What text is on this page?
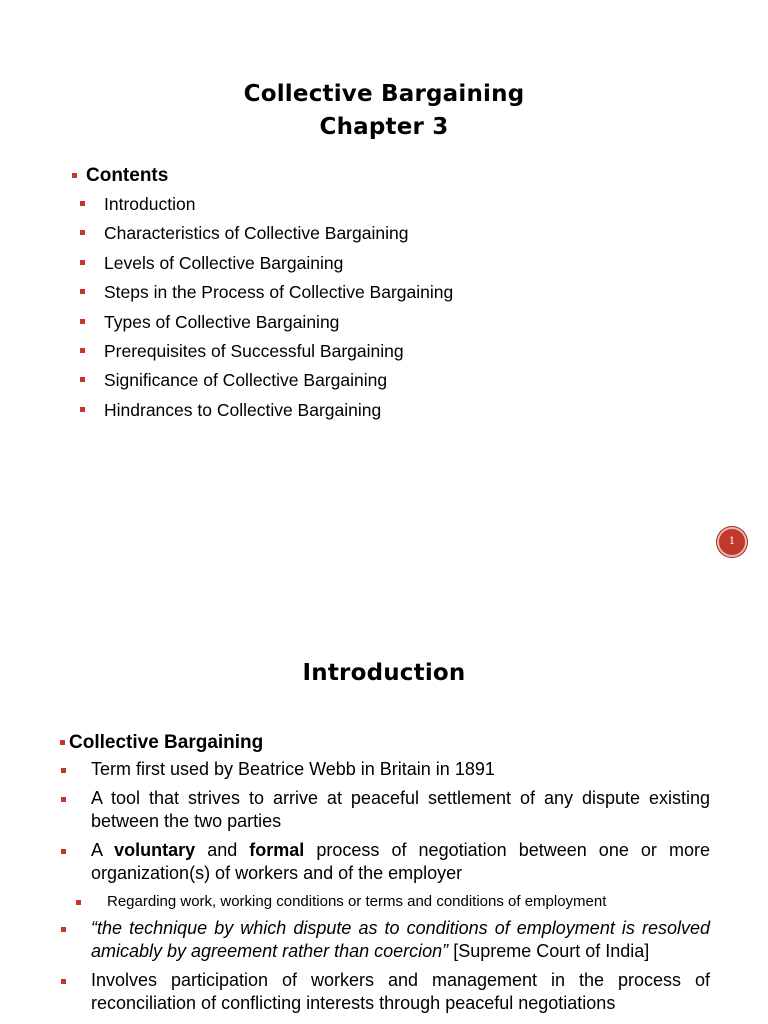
Collective Bargaining
Chapter 3
Contents
Introduction
Characteristics of Collective Bargaining
Levels of Collective Bargaining
Steps in the Process of Collective Bargaining
Types of Collective Bargaining
Prerequisites of Successful Bargaining
Significance of Collective Bargaining
Hindrances to Collective Bargaining
1
Introduction
Collective Bargaining
Term first used by Beatrice Webb in Britain in 1891
A tool that strives to arrive at peaceful settlement of any dispute existing between the two parties
A voluntary and formal process of negotiation between one or more organization(s) of workers and of the employer
Regarding work, working conditions or terms and conditions of employment
“the technique by which dispute as to conditions of employment is resolved amicably by agreement rather than coercion” [Supreme Court of India]
Involves participation of workers and management in the process of reconciliation of conflicting interests through peaceful negotiations
